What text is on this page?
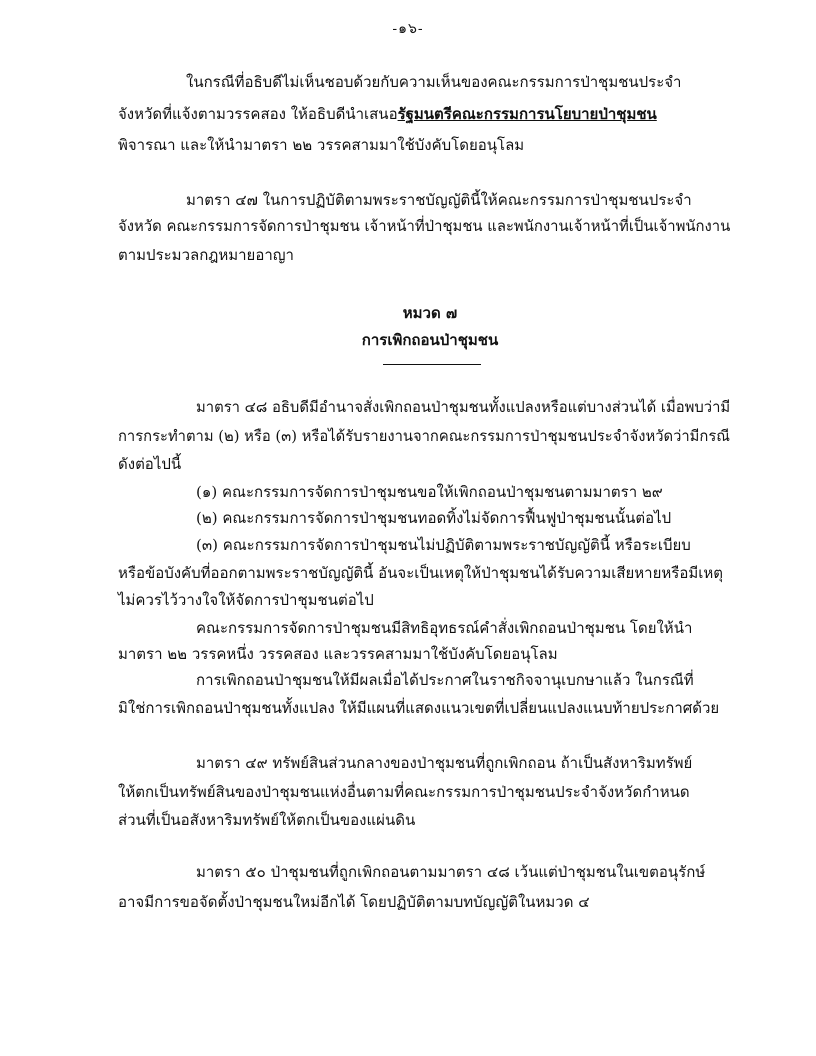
-๑๖-
ในกรณีที่อธิบดีไม่เห็นชอบด้วยกับความเห็นของคณะกรรมการป่าชุมชนประจำ
จังหวัดที่แจ้งตามวรรคสอง ให้อธิบดีนำเสนอรัฐมนตรีคณะกรรมการนโยบายป่าชุมชน
พิจารณา และให้นำมาตรา ๒๒ วรรคสามมาใช้บังคับโดยอนุโลม
มาตรา ๔๗ ในการปฏิบัติตามพระราชบัญญัตินี้ให้คณะกรรมการป่าชุมชนประจำ
จังหวัด คณะกรรมการจัดการป่าชุมชน เจ้าหน้าที่ป่าชุมชน และพนักงานเจ้าหน้าที่เป็นเจ้าพนักงาน
ตามประมวลกฎหมายอาญา
หมวด ๗
การเพิกถอนป่าชุมชน
มาตรา ๔๘ อธิบดีมีอำนาจสั่งเพิกถอนป่าชุมชนทั้งแปลงหรือแต่บางส่วนได้ เมื่อพบว่ามี
การกระทำตาม (๒) หรือ (๓) หรือได้รับรายงานจากคณะกรรมการป่าชุมชนประจำจังหวัดว่ามีกรณี
ดังต่อไปนี้
(๑) คณะกรรมการจัดการป่าชุมชนขอให้เพิกถอนป่าชุมชนตามมาตรา ๒๙
(๒) คณะกรรมการจัดการป่าชุมชนทอดทิ้งไม่จัดการฟื้นฟูป่าชุมชนนั้นต่อไป
(๓) คณะกรรมการจัดการป่าชุมชนไม่ปฏิบัติตามพระราชบัญญัตินี้ หรือระเบียบ
หรือข้อบังคับที่ออกตามพระราชบัญญัตินี้ อันจะเป็นเหตุให้ป่าชุมชนได้รับความเสียหายหรือมีเหตุ
ไม่ควรไว้วางใจให้จัดการป่าชุมชนต่อไป
คณะกรรมการจัดการป่าชุมชนมีสิทธิอุทธรณ์คำสั่งเพิกถอนป่าชุมชน โดยให้นำ
มาตรา ๒๒ วรรคหนึ่ง วรรคสอง และวรรคสามมาใช้บังคับโดยอนุโลม
การเพิกถอนป่าชุมชนให้มีผลเมื่อได้ประกาศในราชกิจจานุเบกษาแล้ว ในกรณีที่
มิใช่การเพิกถอนป่าชุมชนทั้งแปลง ให้มีแผนที่แสดงแนวเขตที่เปลี่ยนแปลงแนบท้ายประกาศด้วย
มาตรา ๔๙ ทรัพย์สินส่วนกลางของป่าชุมชนที่ถูกเพิกถอน ถ้าเป็นสังหาริมทรัพย์
ให้ตกเป็นทรัพย์สินของป่าชุมชนแห่งอื่นตามที่คณะกรรมการป่าชุมชนประจำจังหวัดกำหนด
ส่วนที่เป็นอสังหาริมทรัพย์ให้ตกเป็นของแผ่นดิน
มาตรา ๕๐ ป่าชุมชนที่ถูกเพิกถอนตามมาตรา ๔๘ เว้นแต่ป่าชุมชนในเขตอนุรักษ์
อาจมีการขอจัดตั้งป่าชุมชนใหม่อีกได้ โดยปฏิบัติตามบทบัญญัติในหมวด ๔
